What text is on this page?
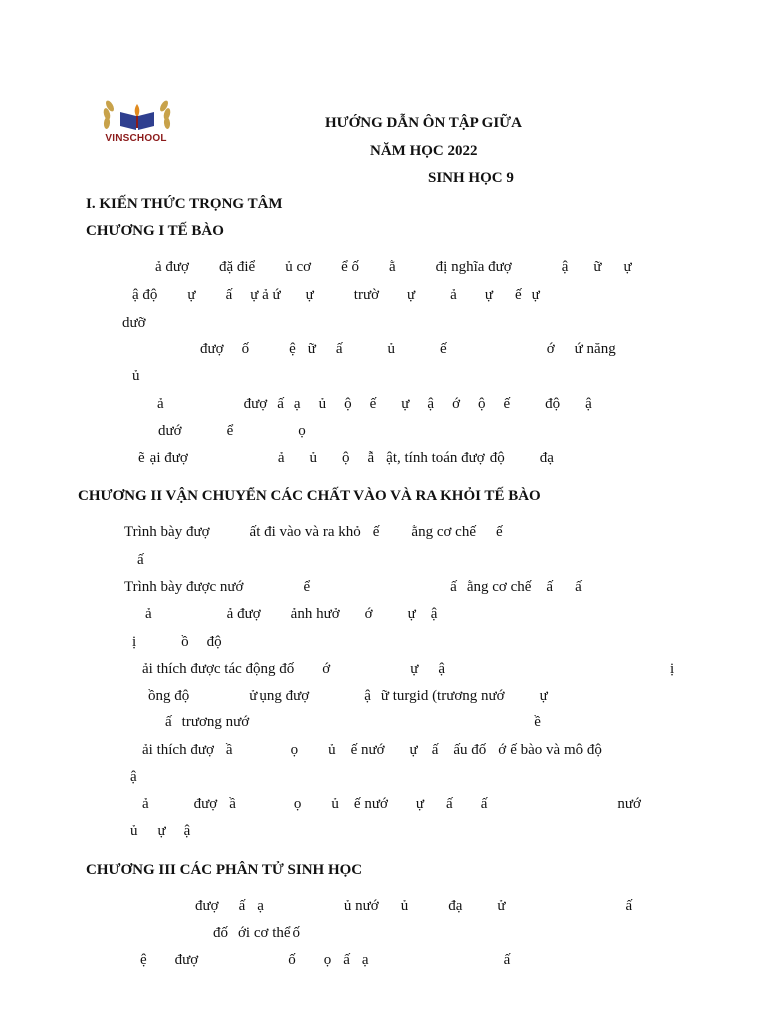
VINSCHOOL
HƯỚNG DẪN ÔN TẬP GIỮA
NĂM HỌC 2022
SINH HỌC 9
I. KIẾN THỨC TRỌNG TÂM
CHƯƠNG I TẾ BÀO
ả đượ đặ điể ủ cơ ể ố ằ	đị nghĩa đượ	ậ ữ ự
ậ độ ự ấ ự ả ứ ự	trườ ự ả ự ế ự
dưỡ
đượ ố	ệ ữ ấ	ủ	ế	ớ ứ năng
ủ
ả	đượ ấ ạ ủ ộ ế ự ậ ớ ộ ế độ ậ
dướ	ể	ọ
ẽ ại đượ	ả ủ ộ ẫ ật, tính toán đượ độ đạ
CHƯƠNG II VẬN CHUYỂN CÁC CHẤT VÀO VÀ RA KHỎI TẾ BÀO
Trình bày đượ	ất đi vào và ra khỏ ế ằng cơ chế ế
ấ
Trình bày được nướ	ể	ấ ằng cơ chế ấ ấ
ả	ả đượ ảnh hưở ớ ự ậ
ị	ồ độ
ải thích được tác động đố ớ	ự ậ	ị
ồng độ	ử ụng đượ	ậ ữ turgid (trương nướ ự
ấ trương nướ	ề
ải thích đượ ầ	ọ ủ ế nướ ự ấ ấu đố ớ ế bào và mô độ
ậ
ả	đượ ầ	ọ ủ ế nướ ự ấ ấ	nướ
ủ ự ậ
CHƯƠNG III CÁC PHÂN TỬ SINH HỌC
đượ ấ ạ	ủ nướ ủ	đạ ử	ấ
đố ới cơ thể ố
ệ đượ	ố ọ ấ ạ	ấ
